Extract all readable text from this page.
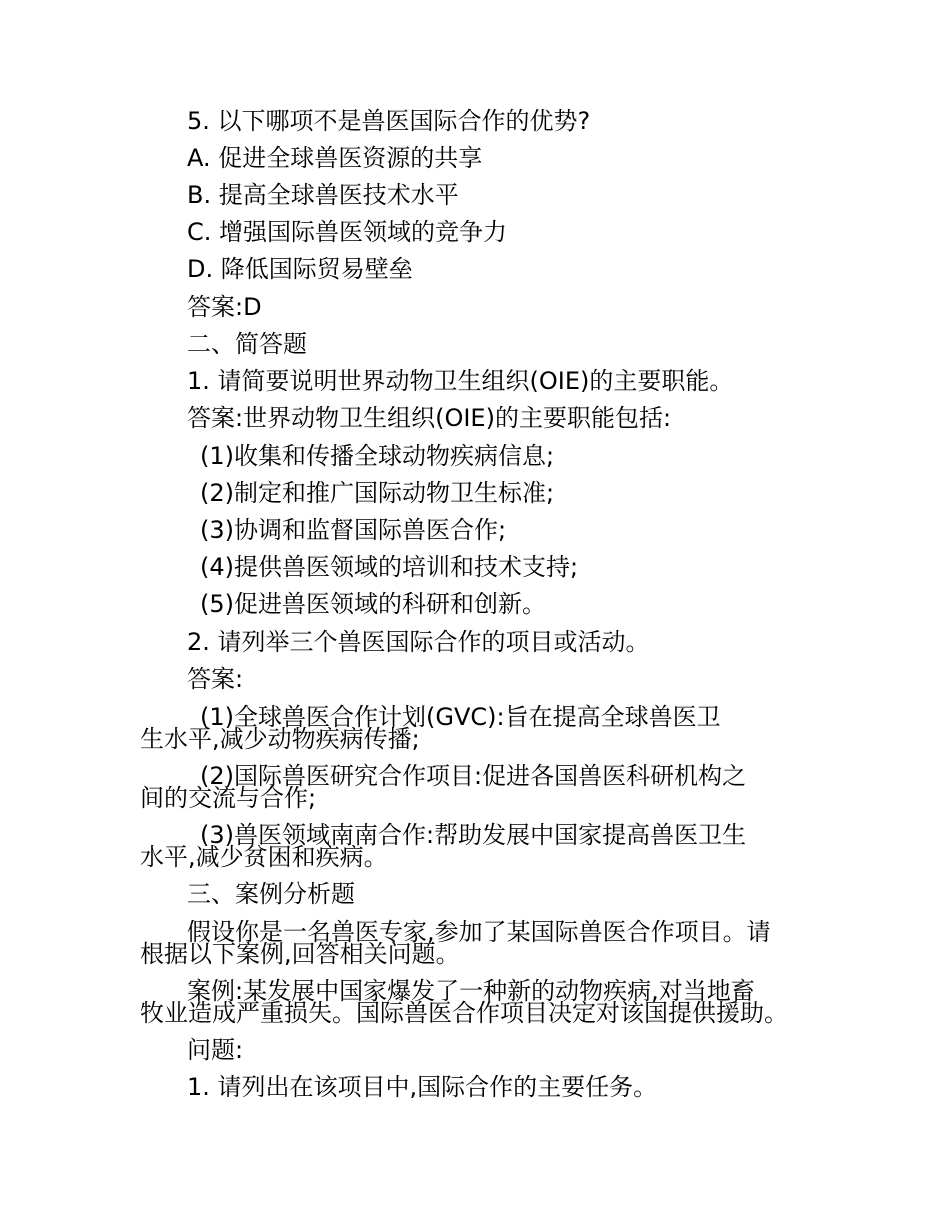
5. 以下哪项不是兽医国际合作的优势?
A. 促进全球兽医资源的共享
B. 提高全球兽医技术水平
C. 增强国际兽医领域的竞争力
D. 降低国际贸易壁垒
答案:D
二、简答题
1. 请简要说明世界动物卫生组织(OIE)的主要职能。
答案:世界动物卫生组织(OIE)的主要职能包括:
(1)收集和传播全球动物疾病信息;
(2)制定和推广国际动物卫生标准;
(3)协调和监督国际兽医合作;
(4)提供兽医领域的培训和技术支持;
(5)促进兽医领域的科研和创新。
2. 请列举三个兽医国际合作的项目或活动。
答案:
(1)全球兽医合作计划(GVC):旨在提高全球兽医卫
生水平,减少动物疾病传播;
(2)国际兽医研究合作项目:促进各国兽医科研机构之
间的交流与合作;
(3)兽医领域南南合作:帮助发展中国家提高兽医卫生
水平,减少贫困和疾病。
三、案例分析题
假设你是一名兽医专家,参加了某国际兽医合作项目。请
根据以下案例,回答相关问题。
案例:某发展中国家爆发了一种新的动物疾病,对当地畜
牧业造成严重损失。国际兽医合作项目决定对该国提供援助。
问题:
1. 请列出在该项目中,国际合作的主要任务。
